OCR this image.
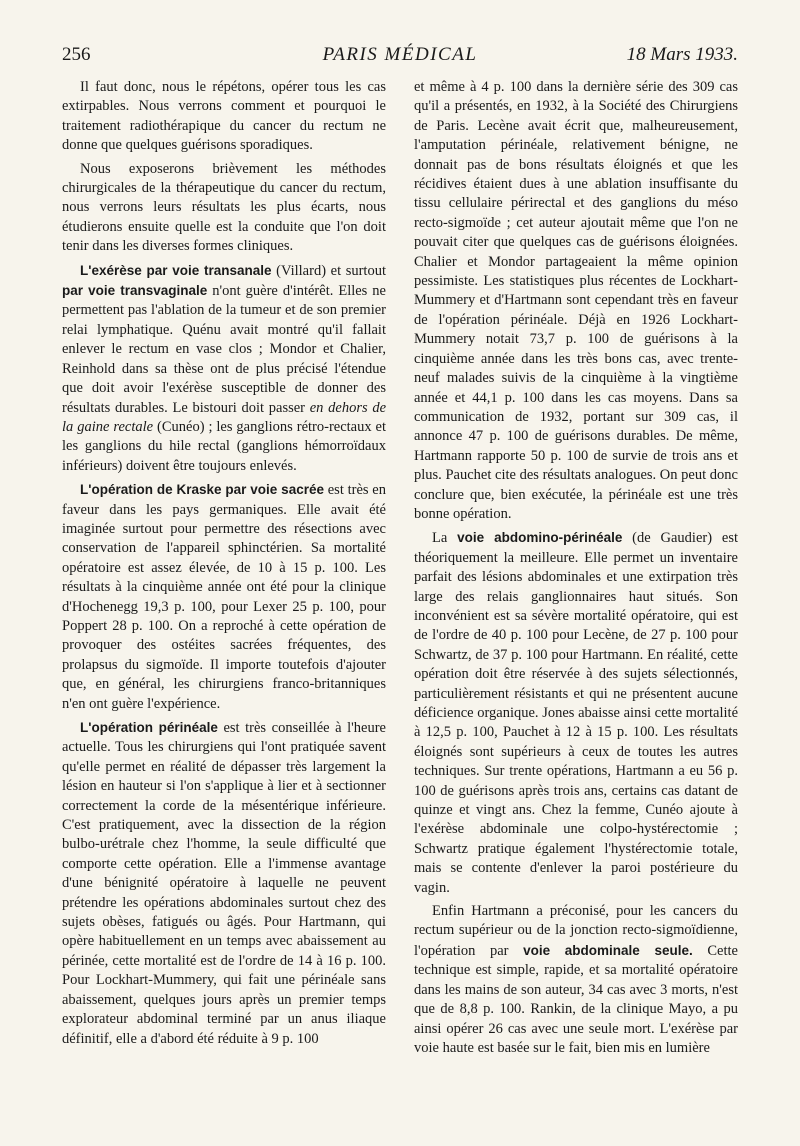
256	PARIS MÉDICAL	18 Mars 1933.

Il faut donc, nous le répétons, opérer tous les cas extirpables. Nous verrons comment et pourquoi le traitement radiothérapique du cancer du rectum ne donne que quelques guérisons sporadiques.

Nous exposerons brièvement les méthodes chirurgicales de la thérapeutique du cancer du rectum, nous verrons leurs résultats les plus écarts, nous étudierons ensuite quelle est la conduite que l'on doit tenir dans les diverses formes cliniques.

L'exérèse par voie transanale (Villard) et surtout par voie transvaginale n'ont guère d'intérêt. Elles ne permettent pas l'ablation de la tumeur et de son premier relai lymphatique. Quénu avait montré qu'il fallait enlever le rectum en vase clos ; Mondor et Chalier, Reinhold dans sa thèse ont de plus précisé l'étendue que doit avoir l'exérèse susceptible de donner des résultats durables. Le bistouri doit passer en dehors de la gaine rectale (Cunéo) ; les ganglions rétro-rectaux et les ganglions du hile rectal (ganglions hémorroïdaux inférieurs) doivent être toujours enlevés.

L'opération de Kraske par voie sacrée est très en faveur dans les pays germaniques. Elle avait été imaginée surtout pour permettre des résections avec conservation de l'appareil sphinctérien. Sa mortalité opératoire est assez élevée, de 10 à 15 p. 100. Les résultats à la cinquième année ont été pour la clinique d'Hochenegg 19,3 p. 100, pour Lexer 25 p. 100, pour Poppert 28 p. 100. On a reproché à cette opération de provoquer des ostéites sacrées fréquentes, des prolapsus du sigmoïde. Il importe toutefois d'ajouter que, en général, les chirurgiens franco-britanniques n'en ont guère l'expérience.

L'opération périnéale est très conseillée à l'heure actuelle. Tous les chirurgiens qui l'ont pratiquée savent qu'elle permet en réalité de dépasser très largement la lésion en hauteur si l'on s'applique à lier et à sectionner correctement la corde de la mésentérique inférieure. C'est pratiquement, avec la dissection de la région bulbo-urétrale chez l'homme, la seule difficulté que comporte cette opération. Elle a l'immense avantage d'une bénignité opératoire à laquelle ne peuvent prétendre les opérations abdominales surtout chez des sujets obèses, fatigués ou âgés. Pour Hartmann, qui opère habituellement en un temps avec abaissement au périnée, cette mortalité est de l'ordre de 14 à 16 p. 100. Pour Lockhart-Mummery, qui fait une périnéale sans abaissement, quelques jours après un premier temps explorateur abdominal terminé par un anus iliaque définitif, elle a d'abord été réduite à 9 p. 100

et même à 4 p. 100 dans la dernière série des 309 cas qu'il a présentés, en 1932, à la Société des Chirurgiens de Paris. Lecène avait écrit que, malheureusement, l'amputation périnéale, relativement bénigne, ne donnait pas de bons résultats éloignés et que les récidives étaient dues à une ablation insuffisante du tissu cellulaire périrectal et des ganglions du méso recto-sigmoïde ; cet auteur ajoutait même que l'on ne pouvait citer que quelques cas de guérisons éloignées. Chalier et Mondor partageaient la même opinion pessimiste. Les statistiques plus récentes de Lockhart-Mummery et d'Hartmann sont cependant très en faveur de l'opération périnéale. Déjà en 1926 Lockhart-Mummery notait 73,7 p. 100 de guérisons à la cinquième année dans les très bons cas, avec trente-neuf malades suivis de la cinquième à la vingtième année et 44,1 p. 100 dans les cas moyens. Dans sa communication de 1932, portant sur 309 cas, il annonce 47 p. 100 de guérisons durables. De même, Hartmann rapporte 50 p. 100 de survie de trois ans et plus. Pauchet cite des résultats analogues. On peut donc conclure que, bien exécutée, la périnéale est une très bonne opération.

La voie abdomino-périnéale (de Gaudier) est théoriquement la meilleure. Elle permet un inventaire parfait des lésions abdominales et une extirpation très large des relais ganglionnaires haut situés. Son inconvénient est sa sévère mortalité opératoire, qui est de l'ordre de 40 p. 100 pour Lecène, de 27 p. 100 pour Schwartz, de 37 p. 100 pour Hartmann. En réalité, cette opération doit être réservée à des sujets sélectionnés, particulièrement résistants et qui ne présentent aucune déficience organique. Jones abaisse ainsi cette mortalité à 12,5 p. 100, Pauchet à 12 à 15 p. 100. Les résultats éloignés sont supérieurs à ceux de toutes les autres techniques. Sur trente opérations, Hartmann a eu 56 p. 100 de guérisons après trois ans, certains cas datant de quinze et vingt ans. Chez la femme, Cunéo ajoute à l'exérèse abdominale une colpo-hystérectomie ; Schwartz pratique également l'hystérectomie totale, mais se contente d'enlever la paroi postérieure du vagin.

Enfin Hartmann a préconisé, pour les cancers du rectum supérieur ou de la jonction recto-sigmoïdienne, l'opération par voie abdominale seule. Cette technique est simple, rapide, et sa mortalité opératoire dans les mains de son auteur, 34 cas avec 3 morts, n'est que de 8,8 p. 100. Rankin, de la clinique Mayo, a pu ainsi opérer 26 cas avec une seule mort. L'exérèse par voie haute est basée sur le fait, bien mis en lumière
